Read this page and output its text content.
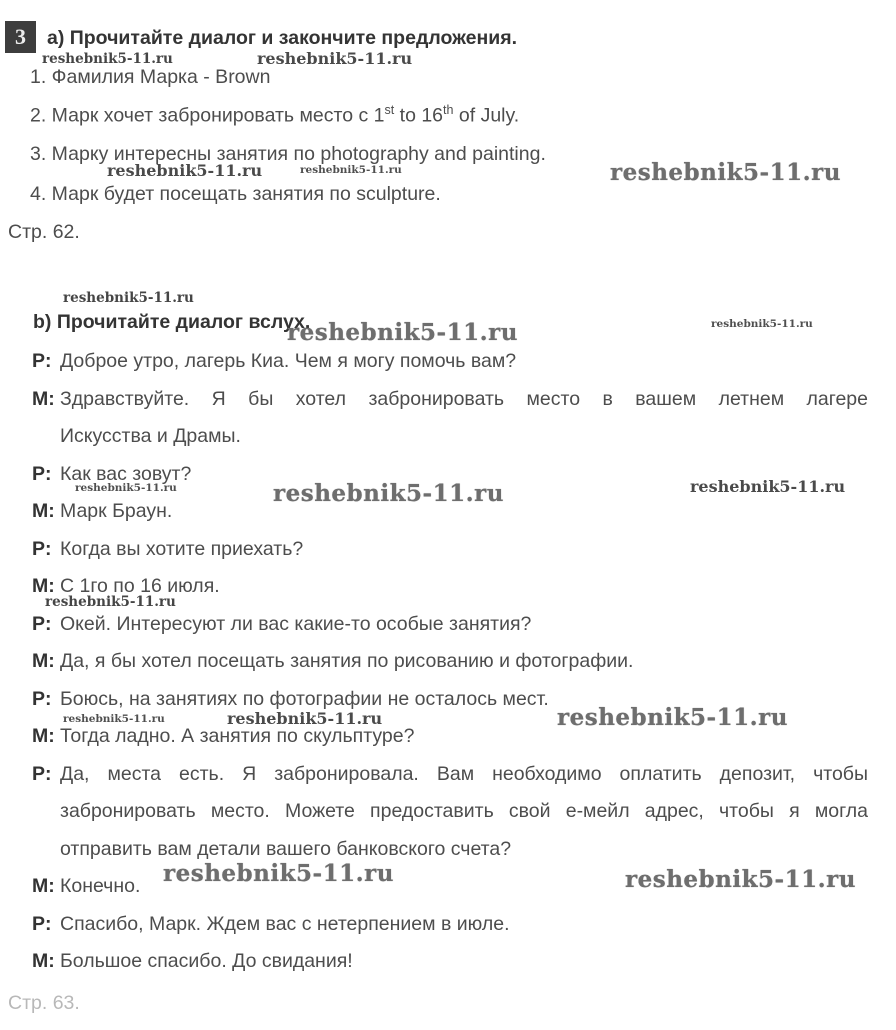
3 а) Прочитайте диалог и закончите предложения.
1. Фамилия Марка - Brown
2. Марк хочет забронировать место с 1st to 16th of July.
3. Марку интересны занятия по photography and painting.
4. Марк будет посещать занятия по sculpture.
Стр. 62.
b) Прочитайте диалог вслух.
P: Доброе утро, лагерь Киа. Чем я могу помочь вам?
M: Здравствуйте. Я бы хотел забронировать место в вашем летнем лагере
Искусства и Драмы.
P: Как вас зовут?
M: Марк Браун.
P: Когда вы хотите приехать?
M: С 1го по 16 июля.
P: Окей. Интересуют ли вас какие-то особые занятия?
M: Да, я бы хотел посещать занятия по рисованию и фотографии.
P: Боюсь, на занятиях по фотографии не осталось мест.
M: Тогда ладно. А занятия по скульптуре?
P: Да, места есть. Я забронировала. Вам необходимо оплатить депозит, чтобы
забронировать место. Можете предоставить свой е-мейл адрес, чтобы я могла
отправить вам детали вашего банковского счета?
M: Конечно.
P: Спасибо, Марк. Ждем вас с нетерпением в июле.
M: Большое спасибо. До свидания!
reshebnik5-11.ru	reshebnik5-11.ru
reshebnik5-11.ru	reshebnik5-11.ru	reshebnik5-11.ru
reshebnik5-11.ru
reshebnik5-11.ru	reshebnik5-11.ru
reshebnik5-11.ru	reshebnik5-11.ru	reshebnik5-11.ru
reshebnik5-11.ru
reshebnik5-11.ru	reshebnik5-11.ru	reshebnik5-11.ru
reshebnik5-11.ru	reshebnik5-11.ru
Стр. 63.
